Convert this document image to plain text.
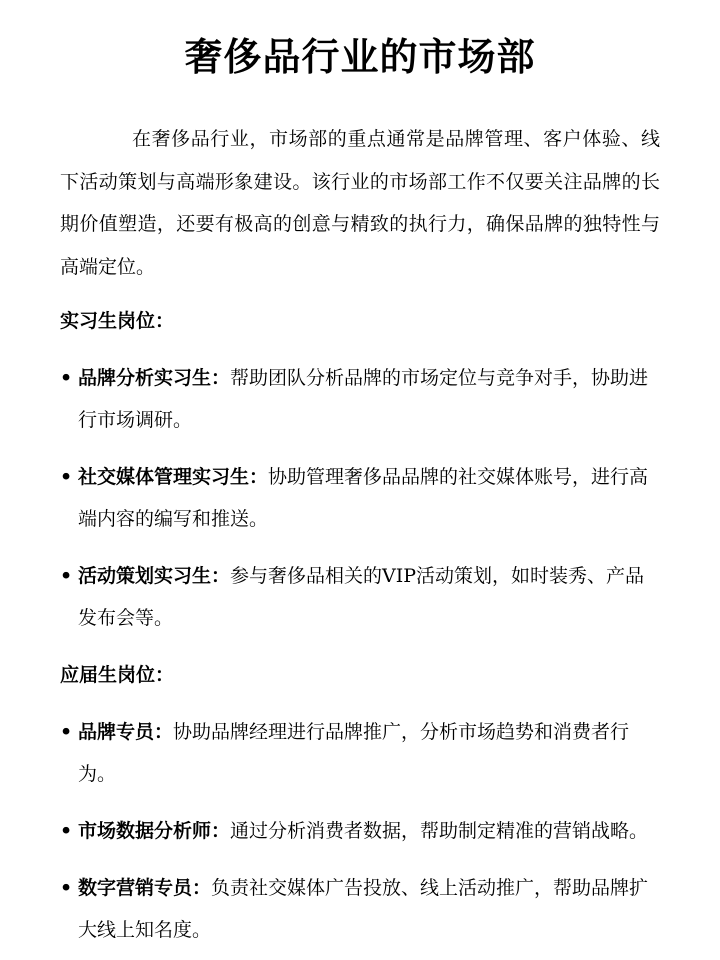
奢侈品行业的市场部

在奢侈品行业，市场部的重点通常是品牌管理、客户体验、线下活动策划与高端形象建设。该行业的市场部工作不仅要关注品牌的长期价值塑造，还要有极高的创意与精致的执行力，确保品牌的独特性与高端定位。

实习生岗位：
• 品牌分析实习生：帮助团队分析品牌的市场定位与竞争对手，协助进行市场调研。
• 社交媒体管理实习生：协助管理奢侈品品牌的社交媒体账号，进行高端内容的编写和推送。
• 活动策划实习生：参与奢侈品相关的VIP活动策划，如时装秀、产品发布会等。
应届生岗位：
• 品牌专员：协助品牌经理进行品牌推广，分析市场趋势和消费者行为。
• 市场数据分析师：通过分析消费者数据，帮助制定精准的营销战略。
• 数字营销专员：负责社交媒体广告投放、线上活动推广，帮助品牌扩大线上知名度。
